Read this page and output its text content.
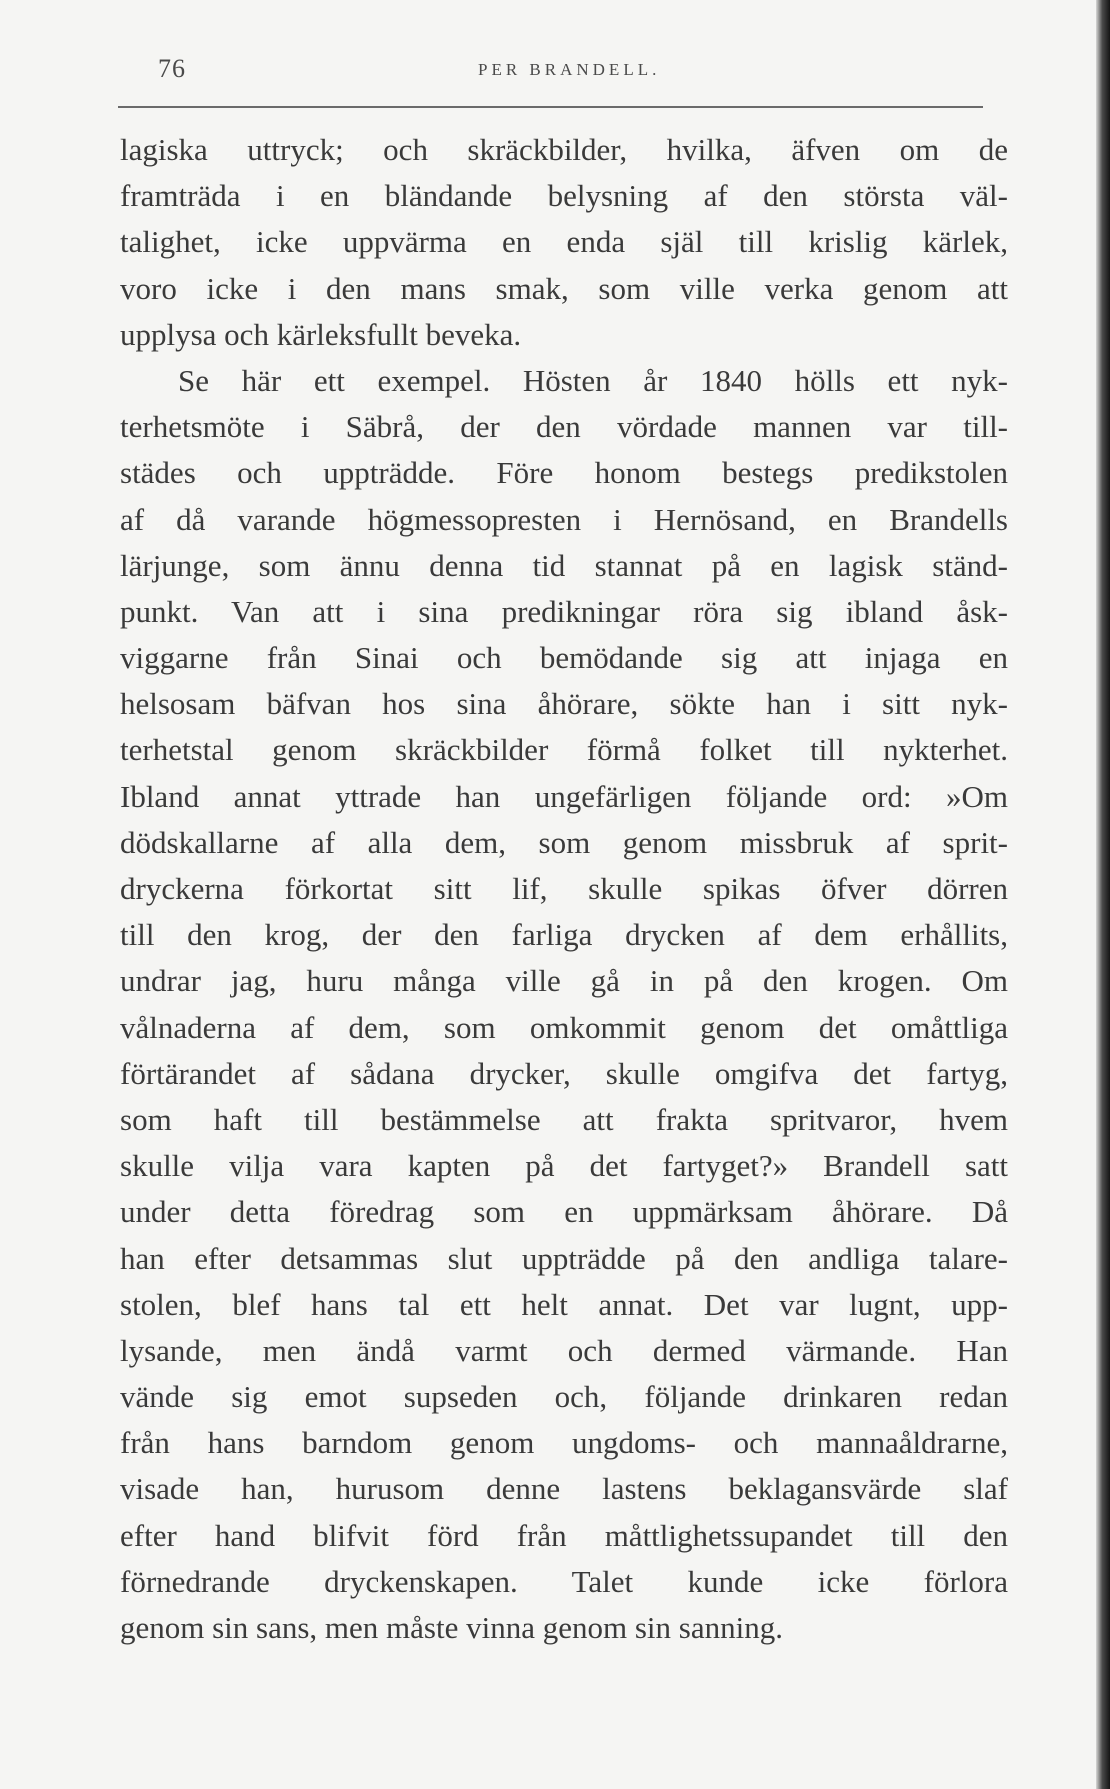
76	PER BRANDELL.
lagiska uttryck; och skräckbilder, hvilka, äfven om de
framträda i en bländande belysning af den största väl-
talighet, icke uppvärma en enda själ till krislig kärlek,
voro icke i den mans smak, som ville verka genom att
upplysa och kärleksfullt beveka.
Se här ett exempel. Hösten år 1840 hölls ett nyk-
terhetsmöte i Säbrå, der den vördade mannen var till-
städes och uppträdde. Före honom bestegs predikstolen
af då varande högmessopresten i Hernösand, en Brandells
lärjunge, som ännu denna tid stannat på en lagisk ständ-
punkt. Van att i sina predikningar röra sig ibland åsk-
viggarne från Sinai och bemödande sig att injaga en
helsosam bäfvan hos sina åhörare, sökte han i sitt nyk-
terhetstal genom skräckbilder förmå folket till nykterhet.
Ibland annat yttrade han ungefärligen följande ord: »Om
dödskallarne af alla dem, som genom missbruk af sprit-
dryckerna förkortat sitt lif, skulle spikas öfver dörren
till den krog, der den farliga drycken af dem erhållits,
undrar jag, huru många ville gå in på den krogen. Om
vålnaderna af dem, som omkommit genom det omåttliga
förtärandet af sådana drycker, skulle omgifva det fartyg,
som haft till bestämmelse att frakta spritvaror, hvem
skulle vilja vara kapten på det fartyget?» Brandell satt
under detta föredrag som en uppmärksam åhörare. Då
han efter detsammas slut uppträdde på den andliga talare-
stolen, blef hans tal ett helt annat. Det var lugnt, upp-
lysande, men ändå varmt och dermed värmande. Han
vände sig emot supseden och, följande drinkaren redan
från hans barndom genom ungdoms- och mannaåldrarne,
visade han, hurusom denne lastens beklagansvärde slaf
efter hand blifvit förd från måttlighetssupandet till den
förnedrande dryckenskapen. Talet kunde icke förlora
genom sin sans, men måste vinna genom sin sanning.
